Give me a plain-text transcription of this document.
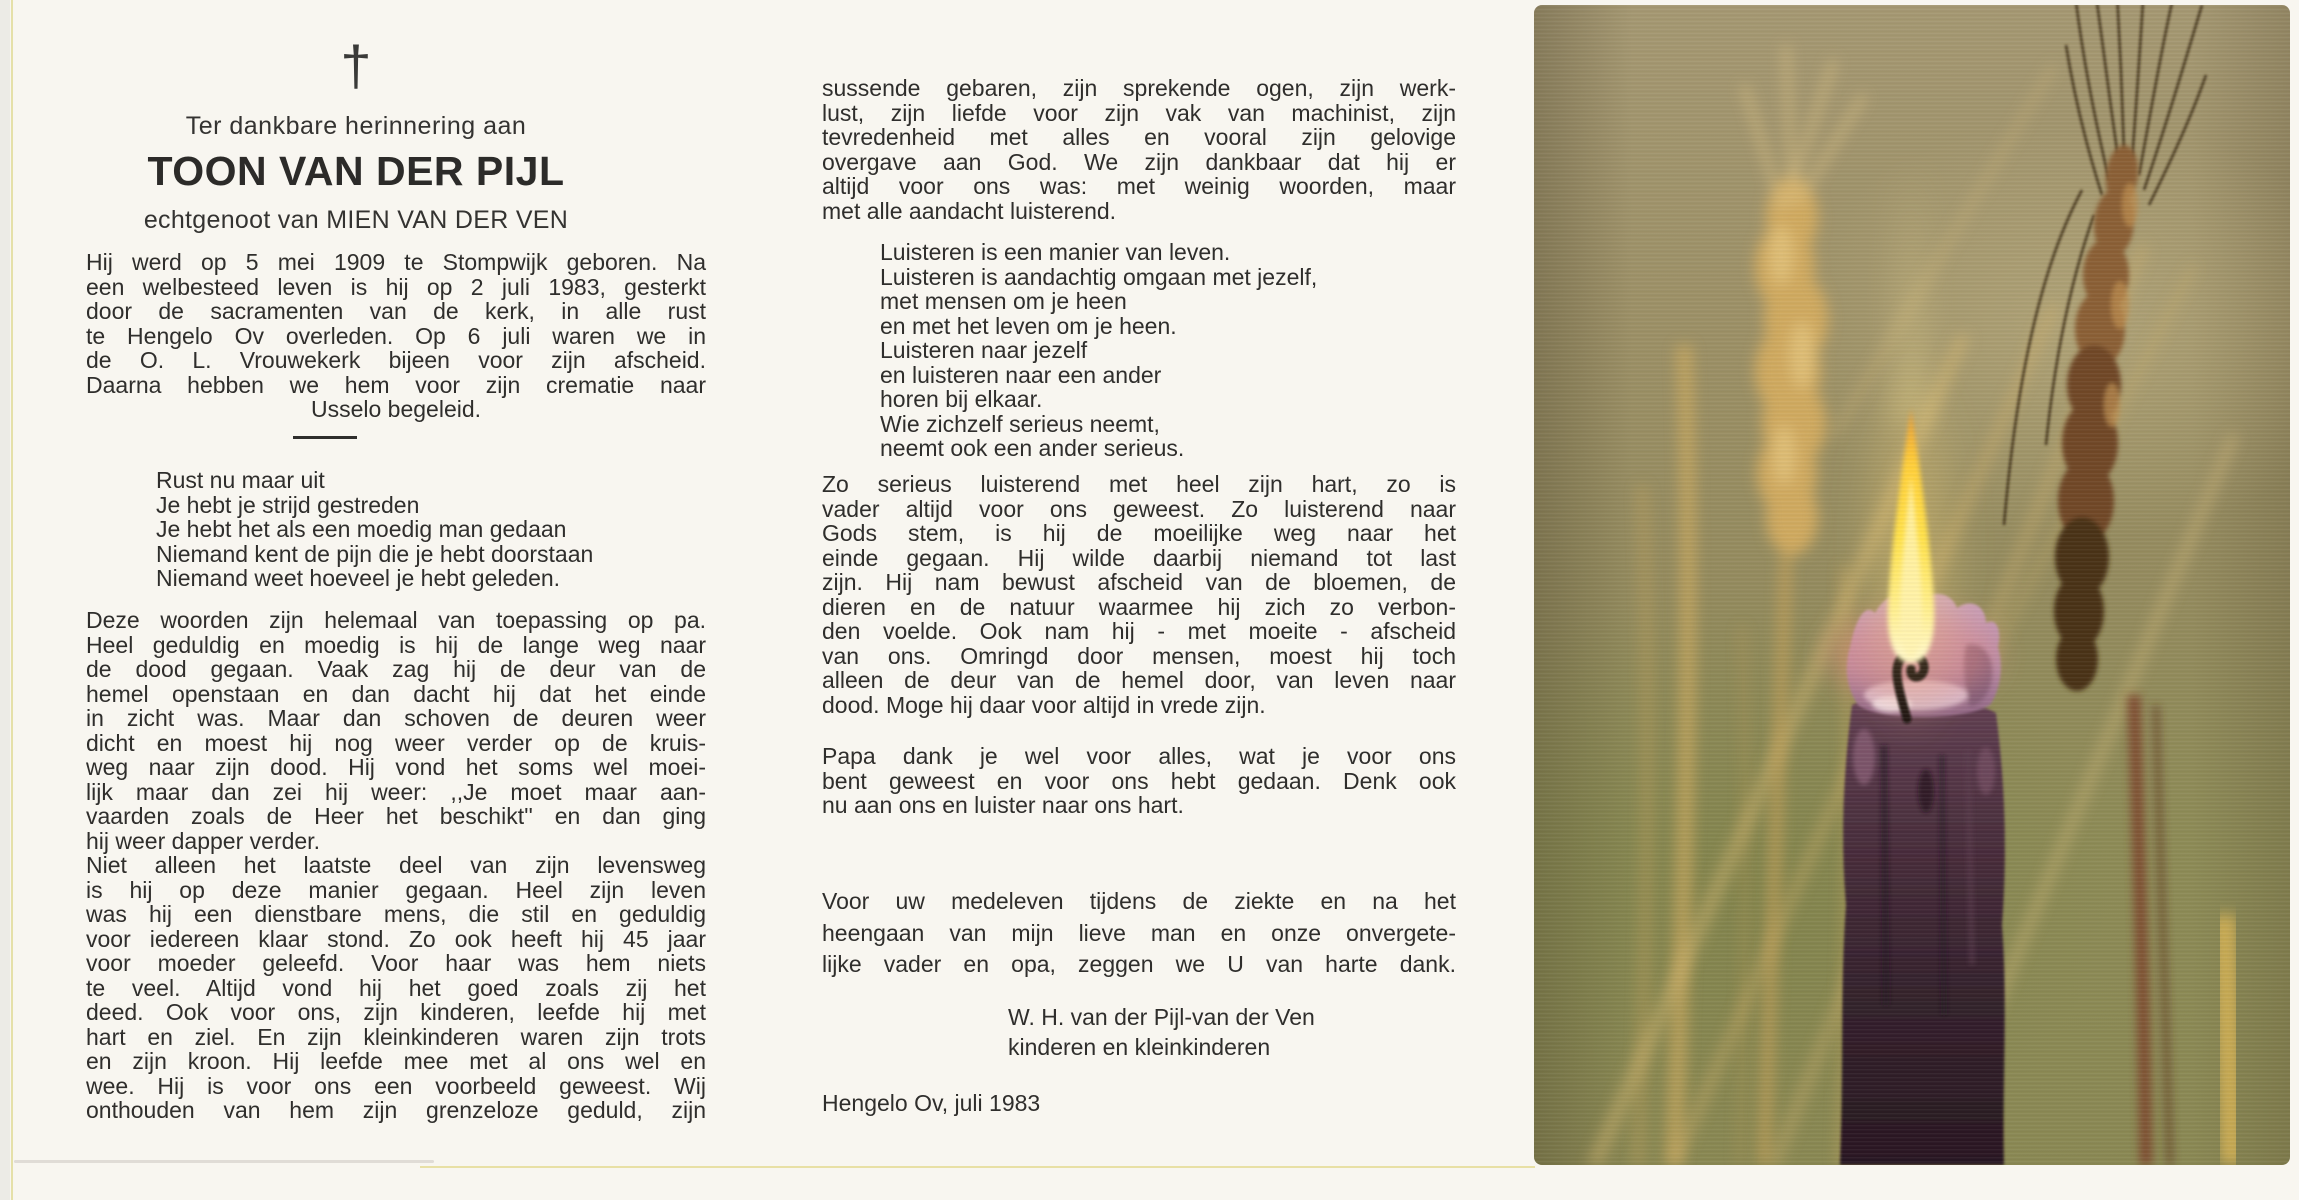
†
Ter dankbare herinnering aan
TOON VAN DER PIJL
echtgenoot van MIEN VAN DER VEN
Hij werd op 5 mei 1909 te Stompwijk geboren. Na
een welbesteed leven is hij op 2 juli 1983, gesterkt
door de sacramenten van de kerk, in alle rust
te Hengelo Ov overleden. Op 6 juli waren we in
de O. L. Vrouwekerk bijeen voor zijn afscheid.
Daarna hebben we hem voor zijn crematie naar
Usselo begeleid.
Rust nu maar uit
Je hebt je strijd gestreden
Je hebt het als een moedig man gedaan
Niemand kent de pijn die je hebt doorstaan
Niemand weet hoeveel je hebt geleden.
Deze woorden zijn helemaal van toepassing op pa.
Heel geduldig en moedig is hij de lange weg naar
de dood gegaan. Vaak zag hij de deur van de
hemel openstaan en dan dacht hij dat het einde
in zicht was. Maar dan schoven de deuren weer
dicht en moest hij nog weer verder op de kruis-
weg naar zijn dood. Hij vond het soms wel moei-
lijk maar dan zei hij weer: ,,Je moet maar aan-
vaarden zoals de Heer het beschikt'' en dan ging
hij weer dapper verder.
Niet alleen het laatste deel van zijn levensweg
is hij op deze manier gegaan. Heel zijn leven
was hij een dienstbare mens, die stil en geduldig
voor iedereen klaar stond. Zo ook heeft hij 45 jaar
voor moeder geleefd. Voor haar was hem niets
te veel. Altijd vond hij het goed zoals zij het
deed. Ook voor ons, zijn kinderen, leefde hij met
hart en ziel. En zijn kleinkinderen waren zijn trots
en zijn kroon. Hij leefde mee met al ons wel en
wee. Hij is voor ons een voorbeeld geweest. Wij
onthouden van hem zijn grenzeloze geduld, zijn
sussende gebaren, zijn sprekende ogen, zijn werk-
lust, zijn liefde voor zijn vak van machinist, zijn
tevredenheid met alles en vooral zijn gelovige
overgave aan God. We zijn dankbaar dat hij er
altijd voor ons was: met weinig woorden, maar
met alle aandacht luisterend.
Luisteren is een manier van leven.
Luisteren is aandachtig omgaan met jezelf,
met mensen om je heen
en met het leven om je heen.
Luisteren naar jezelf
en luisteren naar een ander
horen bij elkaar.
Wie zichzelf serieus neemt,
neemt ook een ander serieus.
Zo serieus luisterend met heel zijn hart, zo is
vader altijd voor ons geweest. Zo luisterend naar
Gods stem, is hij de moeilijke weg naar het
einde gegaan. Hij wilde daarbij niemand tot last
zijn. Hij nam bewust afscheid van de bloemen, de
dieren en de natuur waarmee hij zich zo verbon-
den voelde. Ook nam hij - met moeite - afscheid
van ons. Omringd door mensen, moest hij toch
alleen de deur van de hemel door, van leven naar
dood. Moge hij daar voor altijd in vrede zijn.
Papa dank je wel voor alles, wat je voor ons
bent geweest en voor ons hebt gedaan. Denk ook
nu aan ons en luister naar ons hart.
Voor uw medeleven tijdens de ziekte en na het
heengaan van mijn lieve man en onze onvergete-
lijke vader en opa, zeggen we U van harte dank.
W. H. van der Pijl-van der Ven
kinderen en kleinkinderen
Hengelo Ov, juli 1983
